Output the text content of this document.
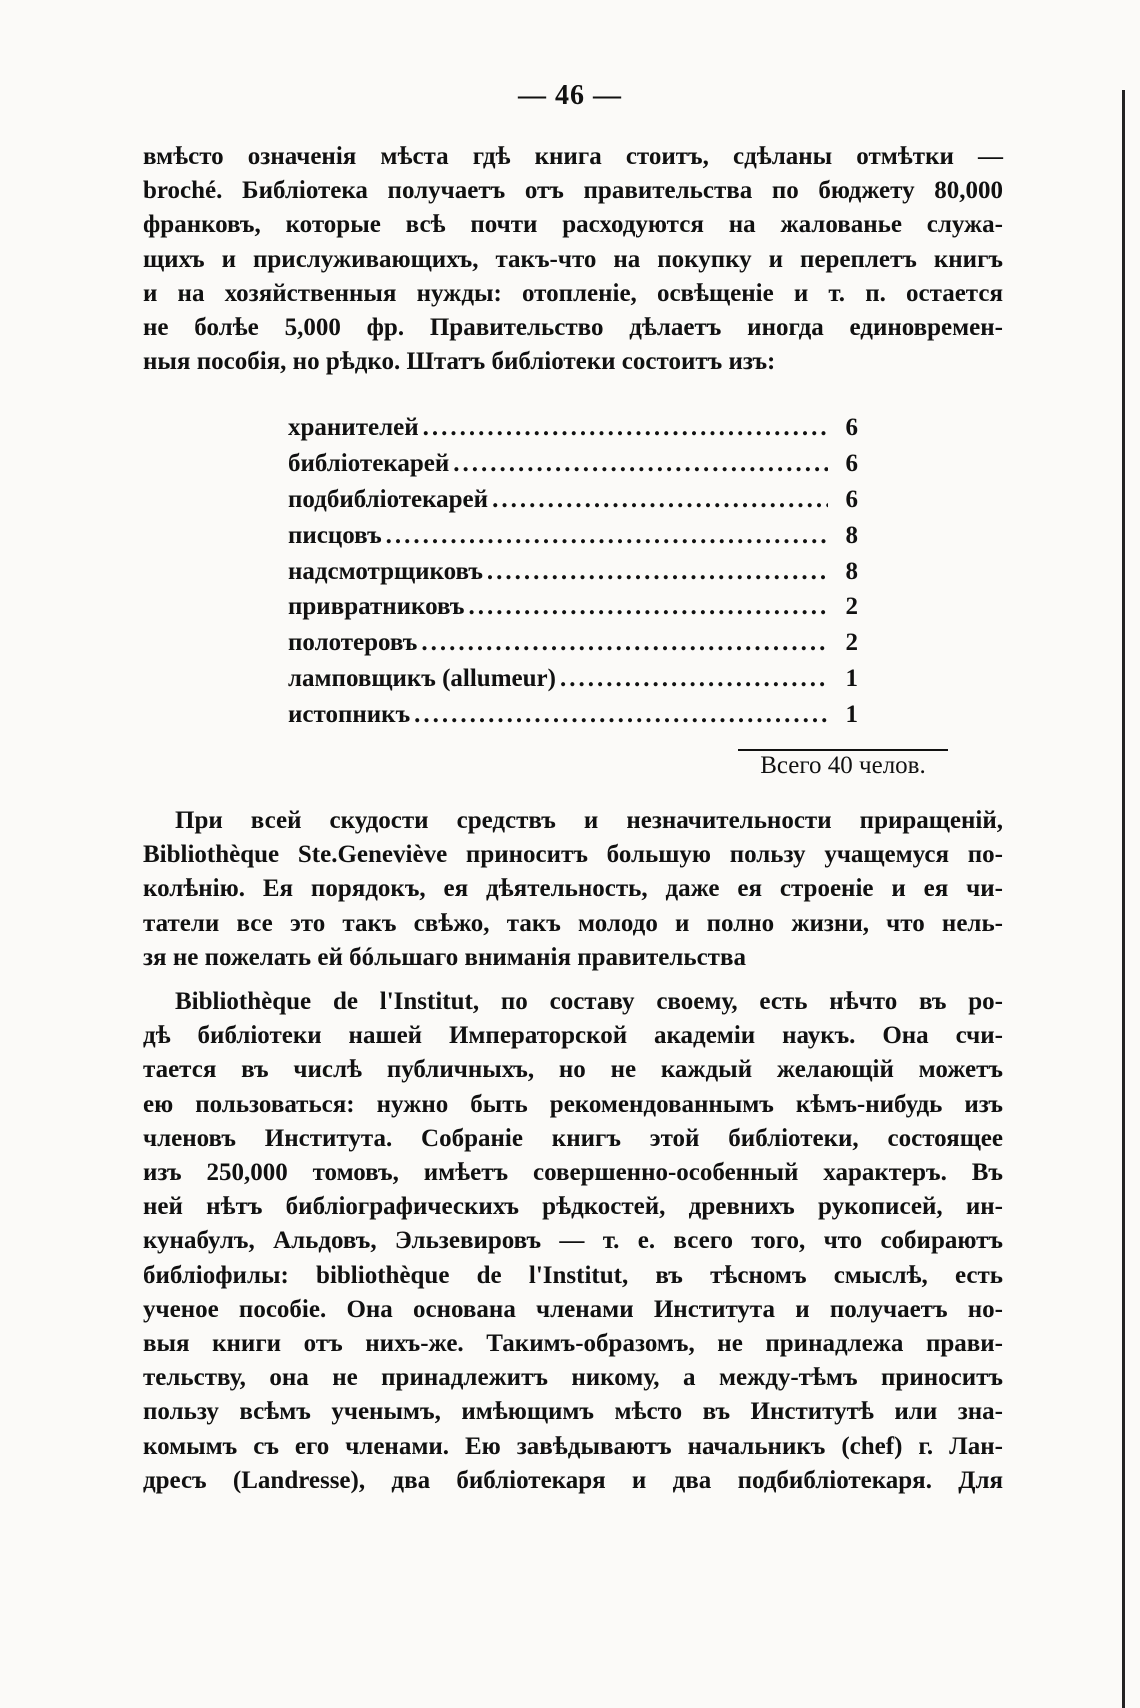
— 46 —
вмѣсто означенія мѣста гдѣ книга стоитъ, сдѣланы отмѣтки —
broché. Библіотека получаетъ отъ правительства по бюджету 80,000
франковъ, которые всѣ почти расходуются на жалованье служа-
щихъ и прислуживающихъ, такъ-что на покупку и переплетъ книгъ
и на хозяйственныя нужды: отопленіе, освѣщеніе и т. п. остается
не болѣе 5,000 фр. Правительство дѣлаетъ иногда единовремен-
ныя пособія, но рѣдко. Штатъ библіотеки состоитъ изъ:
хранителей .....	6
библіотекарей .....	6
подбибліотекарей .....	6
писцовъ .....	8
надсмотрщиковъ .....	8
привратниковъ .....	2
полотеровъ .....	2
ламповщикъ (allumeur) .....	1
истопникъ .....	1
Всего 40 челов.
При всей скудости средствъ и незначительности приращеній,
Bibliothèque Ste.Geneviève приноситъ большую пользу учащемуся по-
колѣнію. Ея порядокъ, ея дѣятельность, даже ея строеніе и ея чи-
татели все это такъ свѣжо, такъ молодо и полно жизни, что нель-
зя не пожелать ей бóльшаго вниманія правительства
Bibliothèque de l'Institut, по составу своему, есть нѣчто въ ро-
дѣ библіотеки нашей Императорской академіи наукъ. Она счи-
тается въ числѣ публичныхъ, но не каждый желающій можетъ
ею пользоваться: нужно быть рекомендованнымъ кѣмъ-нибудь изъ
членовъ Института. Собраніе книгъ этой библіотеки, состоящее
изъ 250,000 томовъ, имѣетъ совершенно-особенный характеръ. Въ
ней нѣтъ библіографическихъ рѣдкостей, древнихъ рукописей, ин-
кунабулъ, Альдовъ, Эльзевировъ — т. е. всего того, что собираютъ
библіофилы: bibliothèque de l'Institut, въ тѣсномъ смыслѣ, есть
ученое пособіе. Она основана членами Института и получаетъ но-
выя книги отъ нихъ-же. Такимъ-образомъ, не принадлежа прави-
тельству, она не принадлежитъ никому, а между-тѣмъ приноситъ
пользу всѣмъ ученымъ, имѣющимъ мѣсто въ Институтѣ или зна-
комымъ съ его членами. Ею завѣдываютъ начальникъ (chef) г. Лан-
дресъ (Landresse), два библіотекаря и два подбибліотекаря. Для
